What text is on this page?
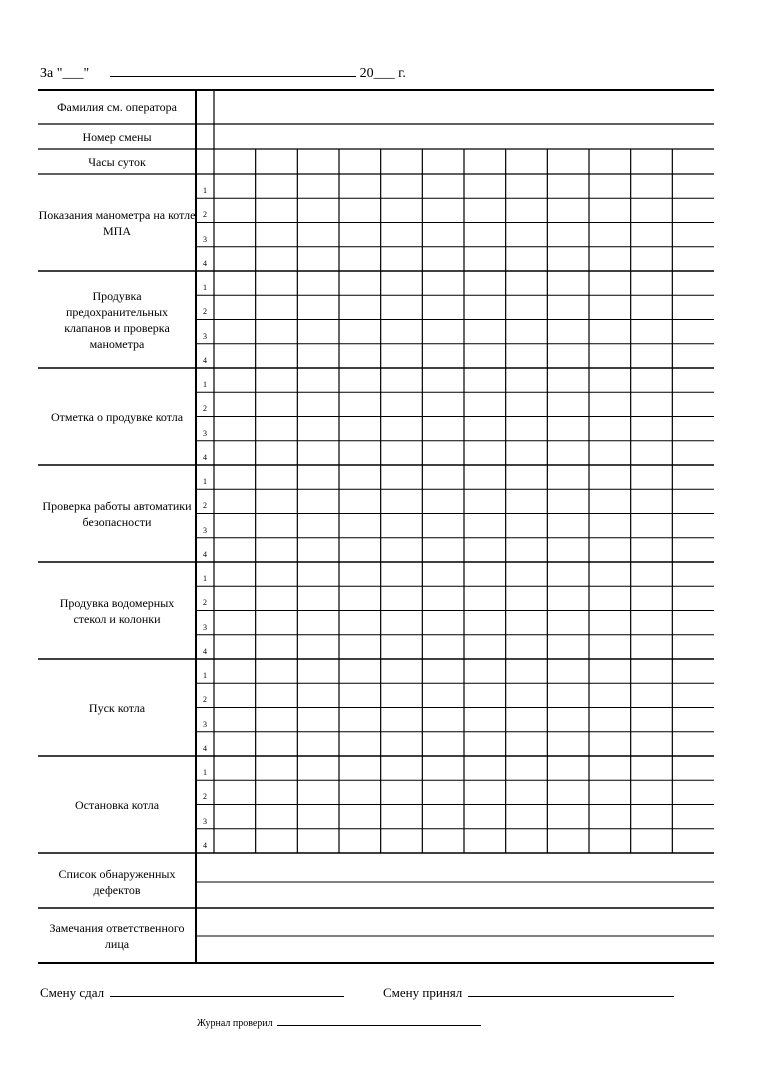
За "___"	20___ г.
Фамилия см. оператора
Номер смены
Часы суток
Показания манометра на котле МПА
Продувка предохранительных клапанов и проверка манометра
Отметка о продувке котла
Проверка работы автоматики безопасности
Продувка водомерных стекол и колонки
Пуск котла
Остановка котла
Список обнаруженных дефектов
Замечания ответственного лица
1
2
3
4
1
2
3
4
1
2
3
4
1
2
3
4
1
2
3
4
1
2
3
4
1
2
3
4
Смену сдал	Смену принял
Журнал проверил
